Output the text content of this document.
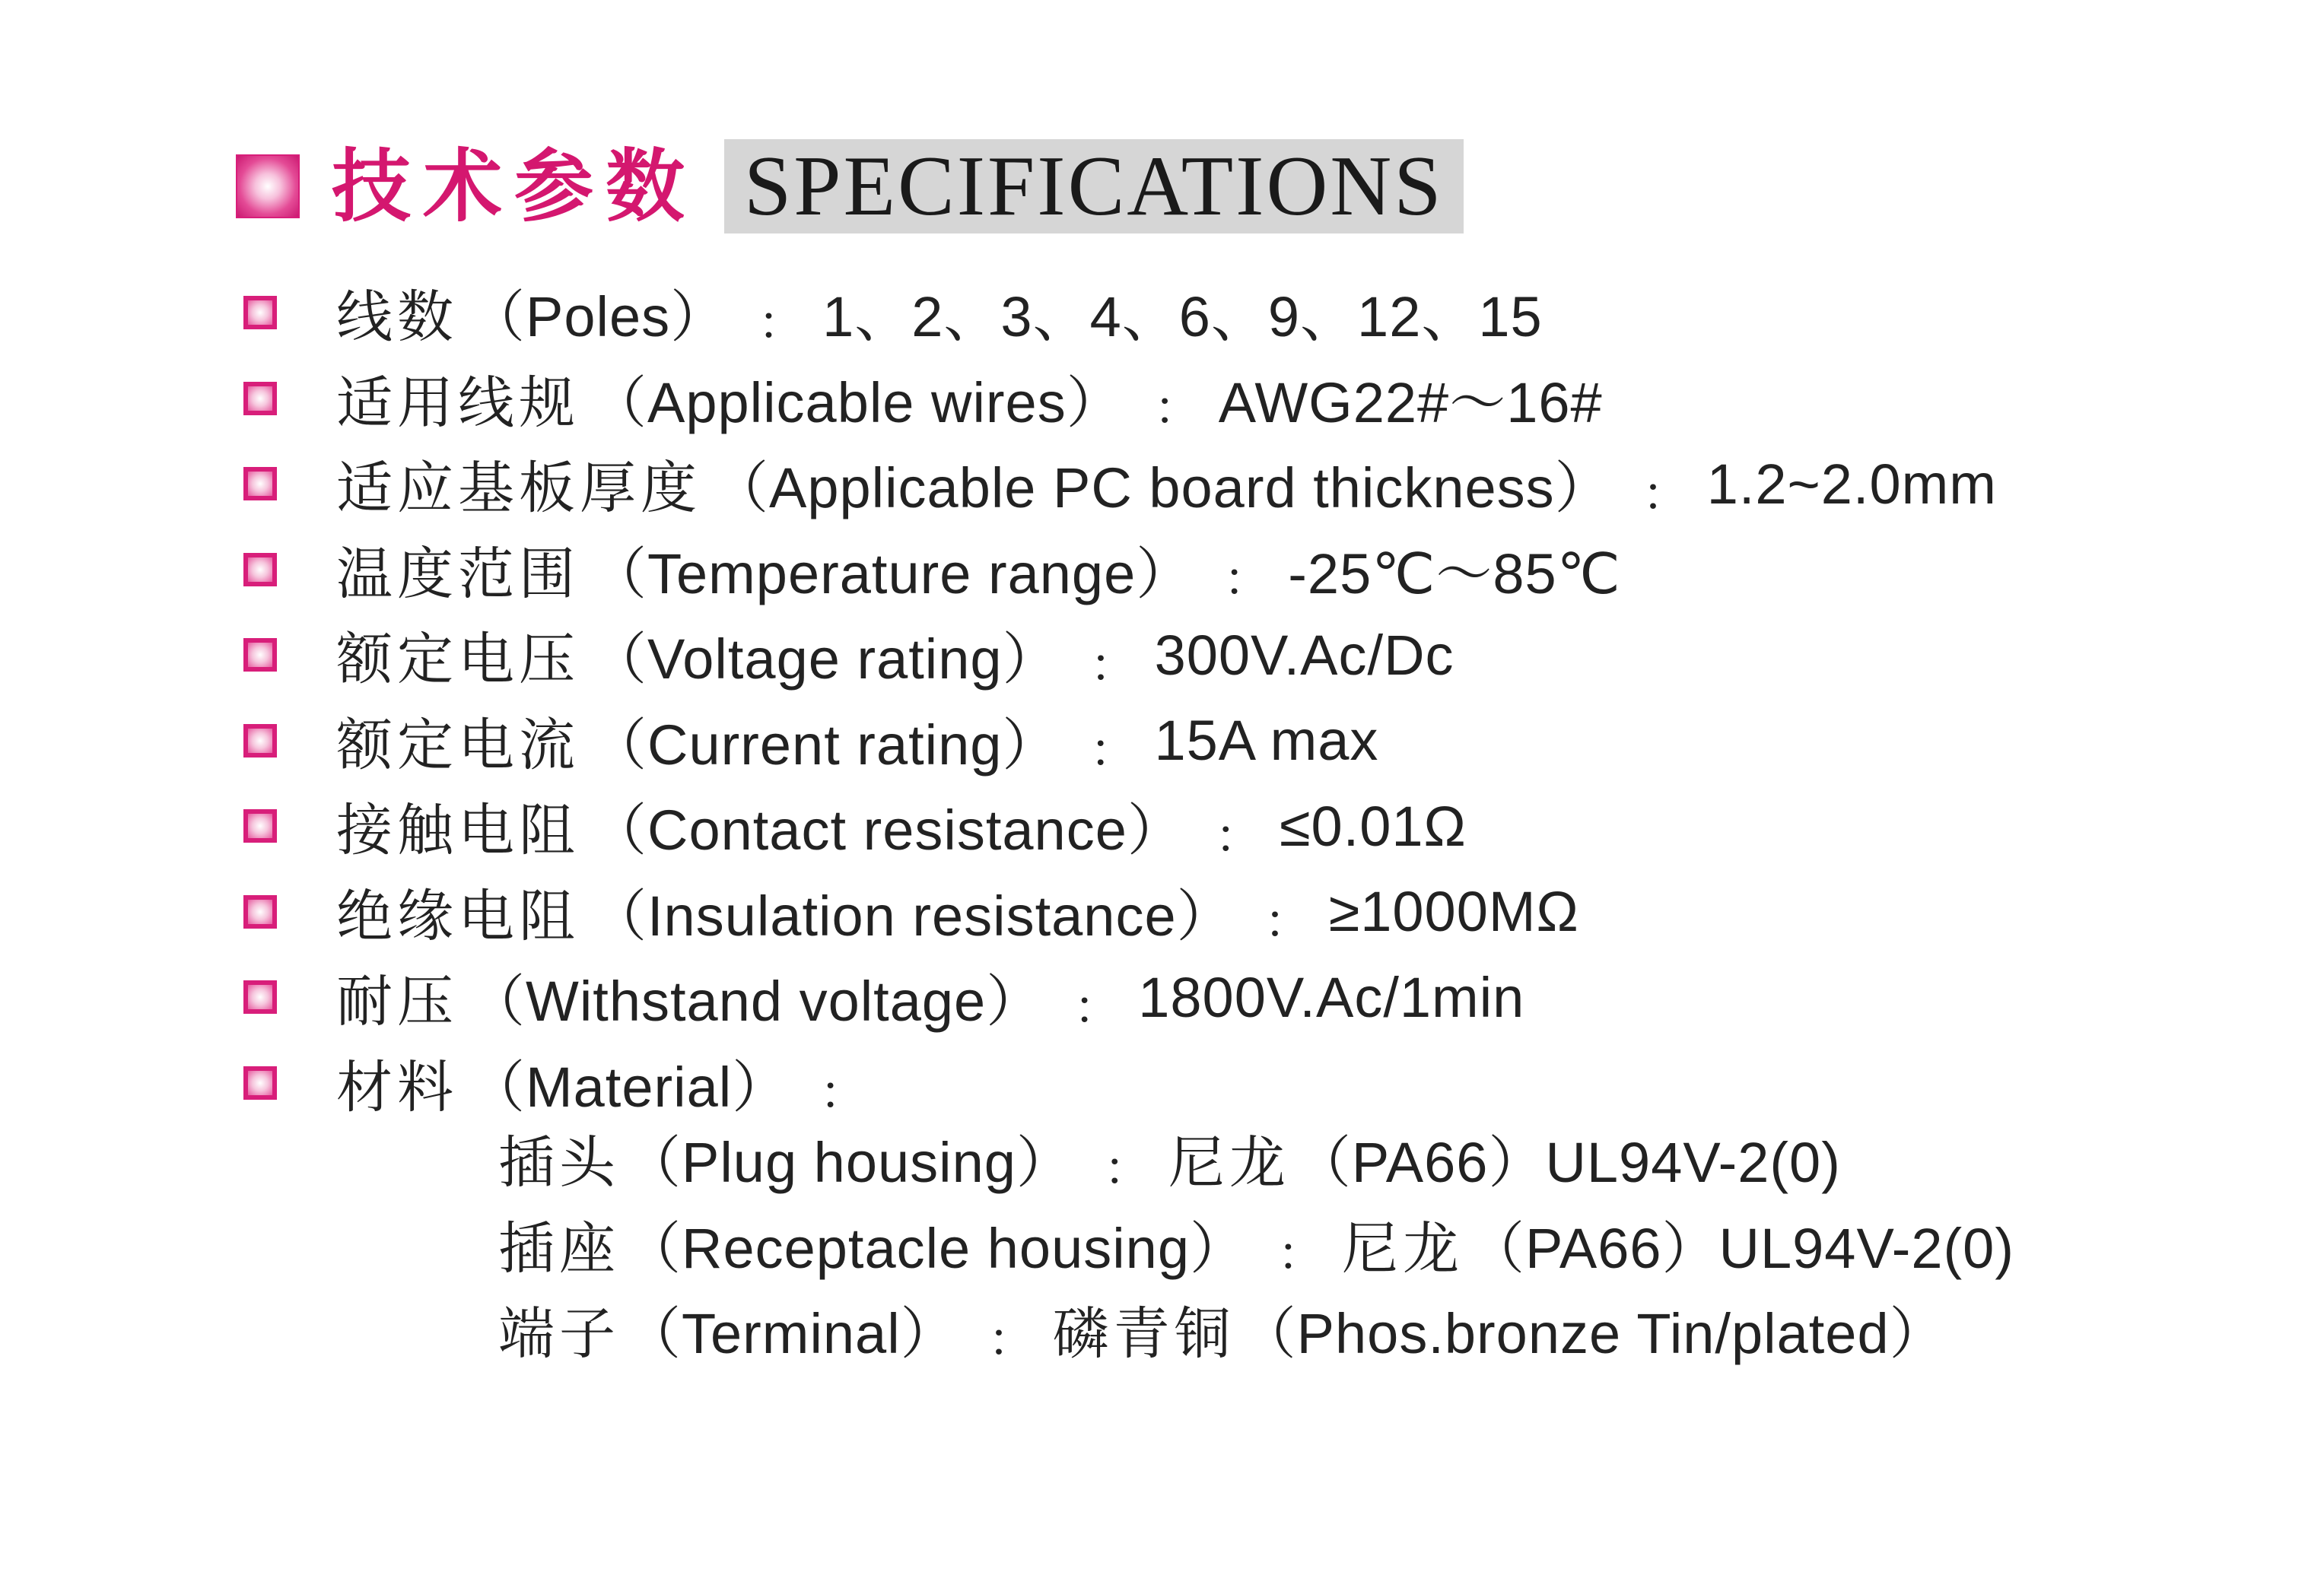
技术参数 SPECIFICATIONS
线数 （Poles） ： 1、2、3、4、6、9、12、15
适用线规 （Applicable wires） ： AWG22#～16#
适应基板厚度 （Applicable PC board thickness） ： 1.2~2.0mm
温度范围 （Temperature range） ： -25℃～85℃
额定电压 （Voltage rating） ： 300V.Ac/Dc
额定电流 （Current rating） ： 15A max
接触电阻 （Contact resistance） ： ≤0.01Ω
绝缘电阻 （Insulation resistance） ： ≥1000MΩ
耐压 （Withstand voltage） ： 1800V.Ac/1min
材料 （Material） ：
插头 （Plug housing） ： 尼龙 （PA66）UL94V-2(0)
插座 （Receptacle housing） ： 尼龙 （PA66）UL94V-2(0)
端子 （Terminal） ： 磷青铜 （Phos.bronze Tin/plated）
